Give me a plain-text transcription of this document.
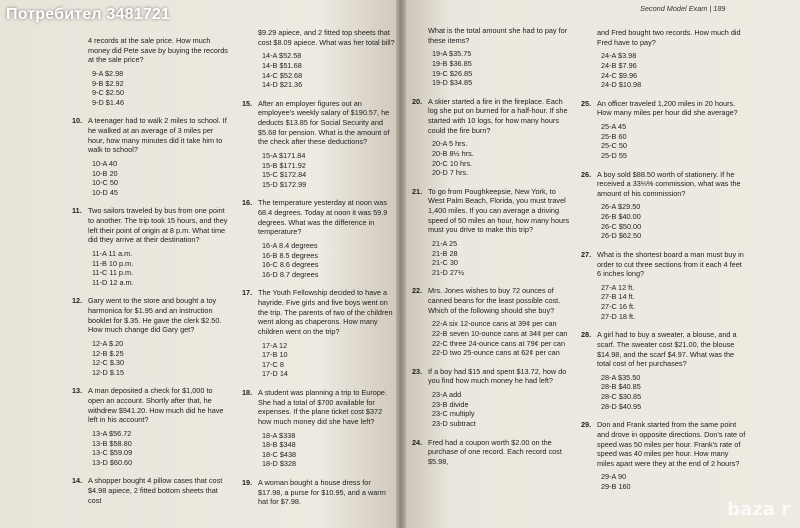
Second Model Exam | 189
4 records at the sale price. How much money did Pete save by buying the records at the sale price?
9-A $2.98
9-B $2.92
9-C $2.50
9-D $1.46
10. A teenager had to walk 2 miles to school. If he walked at an average of 3 miles per hour, how many minutes did it take him to walk to school?
10-A 40
10-B 20
10-C 50
10-D 45
11. Two sailors traveled by bus from one point to another. The trip took 15 hours, and they left their point of origin at 8 p.m. What time did they arrive at their destination?
11-A 11 a.m.
11-B 10 p.m.
11-C 11 p.m.
11-D 12 a.m.
12. Gary went to the store and bought a toy harmonica for $1.95 and an instruction booklet for $.35. He gave the clerk $2.50. How much change did Gary get?
12-A $.20
12-B $.25
12-C $.30
12-D $.15
13. A man deposited a check for $1,000 to open an account. Shortly after that, he withdrew $941.20. How much did he have left in his account?
13-A $56.72
13-B $58.80
13-C $59.09
13-D $60.60
14. A shopper bought 4 pillow cases that cost $4.98 apiece, 2 fitted bottom sheets that cost
$9.29 apiece, and 2 fitted top sheets that cost $8.09 apiece. What was her total bill?
14-A $52.58
14-B $51.68
14-C $52.68
14-D $21.36
15. After an employer figures out an employee's weekly salary of $190.57, he deducts $13.85 for Social Security and $5.68 for pension. What is the amount of the check after these deductions?
15-A $171.84
15-B $171.92
15-C $172.84
15-D $172.99
16. The temperature yesterday at noon was 68.4 degrees. Today at noon it was 59.9 degrees. What was the difference in temperature?
16-A 8.4 degrees
16-B 8.5 degrees
16-C 8.6 degrees
16-D 8.7 degrees
17. The Youth Fellowship decided to have a hayride. Five girls and five boys went on the trip. The parents of two of the children went along as chaperons. How many children went on the trip?
17-A 12
17-B 10
17-C 8
17-D 14
18. A student was planning a trip to Europe. She had a total of $700 available for expenses. If the plane ticket cost $372 how much money did she have left?
18-A $338
18-B $348
18-C $438
18-D $328
19. A woman bought a house dress for $17.98, a purse for $10.95, and a warm hat for $7.98.
What is the total amount she had to pay for these items?
19-A $35.75
19-B $36.85
19-C $26.85
19-D $34.85
20. A skier started a fire in the fireplace. Each log she put on burned for a half-hour. If she started with 10 logs, for how many hours could the fire burn?
20-A 5 hrs.
20-B 8½ hrs.
20-C 10 hrs.
20-D 7 hrs.
21. To go from Poughkeepsie, New York, to West Palm Beach, Florida, you must travel 1,400 miles. If you can average a driving speed of 50 miles an hour, how many hours must you drive to make this trip?
21-A 25
21-B 28
21-C 30
21-D 27½
22. Mrs. Jones wishes to buy 72 ounces of canned beans for the least possible cost. Which of the following should she buy?
22-A six 12-ounce cans at 39¢ per can
22-B seven 10-ounce cans at 34¢ per can
22-C three 24-ounce cans at 79¢ per can
22-D two 25-ounce cans at 62¢ per can
23. If a boy had $15 and spent $13.72, how do you find how much money he had left?
23-A add
23-B divide
23-C multiply
23-D subtract
24. Fred had a coupon worth $2.00 on the purchase of one record. Each record cost $5.98,
and Fred bought two records. How much did Fred have to pay?
24-A $3.98
24-B $7.96
24-C $9.96
24-D $10.98
25. An officer traveled 1,200 miles in 20 hours. How many miles per hour did she average?
25-A 45
25-B 60
25-C 50
25-D 55
26. A boy sold $88.50 worth of stationery. If he received a 33⅓% commission, what was the amount of his commission?
26-A $29.50
26-B $40.00
26-C $50.00
26-D $62.50
27. What is the shortest board a man must buy in order to cut three sections from it each 4 feet 6 inches long?
27-A 12 ft.
27-B 14 ft.
27-C 16 ft.
27-D 18 ft.
28. A girl had to buy a sweater, a blouse, and a scarf. The sweater cost $21.00, the blouse $14.98, and the scarf $4.97. What was the total cost of her purchases?
28-A $35.50
28-B $40.85
28-C $30.85
28-D $40.95
29. Don and Frank started from the same point and drove in opposite directions. Don's rate of speed was 50 miles per hour. Frank's rate of speed was 40 miles per hour. How many miles apart were they at the end of 2 hours?
29-A 90
29-B 160
Потребител 3481721
baza r
